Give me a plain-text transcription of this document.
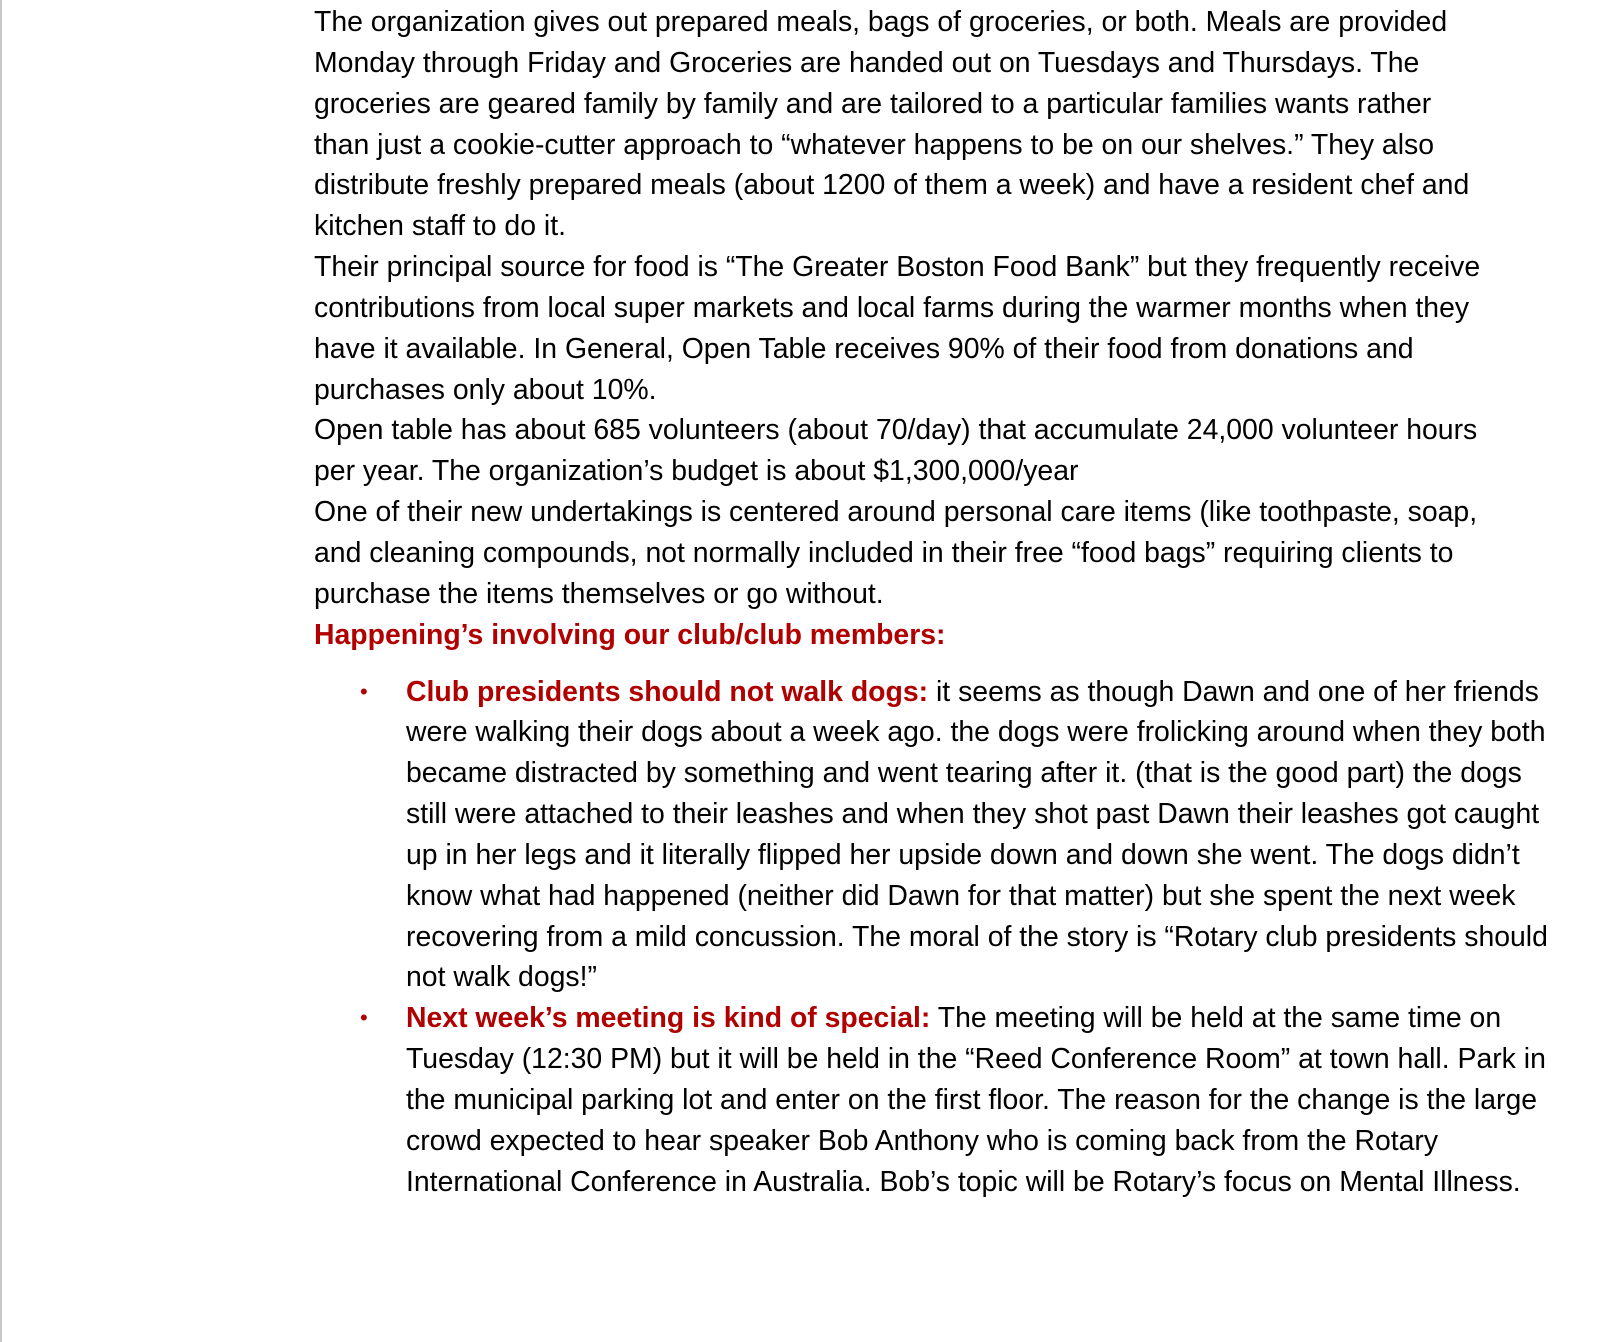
The organization gives out prepared meals, bags of groceries, or both. Meals are provided Monday through Friday and Groceries are handed out on Tuesdays and Thursdays. The groceries are geared family by family and are tailored to a particular families wants rather than just a cookie-cutter approach to “whatever happens to be on our shelves.” They also distribute freshly prepared meals (about 1200 of them a week) and have a resident chef and kitchen staff to do it.

Their principal source for food is “The Greater Boston Food Bank” but they frequently receive contributions from local super markets and local farms during the warmer months when they have it available. In General, Open Table receives 90% of their food from donations and purchases only about 10%.

Open table has about 685 volunteers (about 70/day) that accumulate 24,000 volunteer hours per year. The organization’s budget is about $1,300,000/year

One of their new undertakings is centered around personal care items (like toothpaste, soap, and cleaning compounds, not normally included in their free “food bags” requiring clients to purchase the items themselves or go without.

Happening’s involving our club/club members:

• Club presidents should not walk dogs: it seems as though Dawn and one of her friends were walking their dogs about a week ago. the dogs were frolicking around when they both became distracted by something and went tearing after it. (that is the good part) the dogs still were attached to their leashes and when they shot past Dawn their leashes got caught up in her legs and it literally flipped her upside down and down she went. The dogs didn’t know what had happened (neither did Dawn for that matter) but she spent the next week recovering from a mild concussion. The moral of the story is “Rotary club presidents should not walk dogs!”
• Next week’s meeting is kind of special: The meeting will be held at the same time on Tuesday (12:30 PM) but it will be held in the “Reed Conference Room” at town hall. Park in the municipal parking lot and enter on the first floor. The reason for the change is the large crowd expected to hear speaker Bob Anthony who is coming back from the Rotary International Conference in Australia. Bob’s topic will be Rotary’s focus on Mental Illness.
